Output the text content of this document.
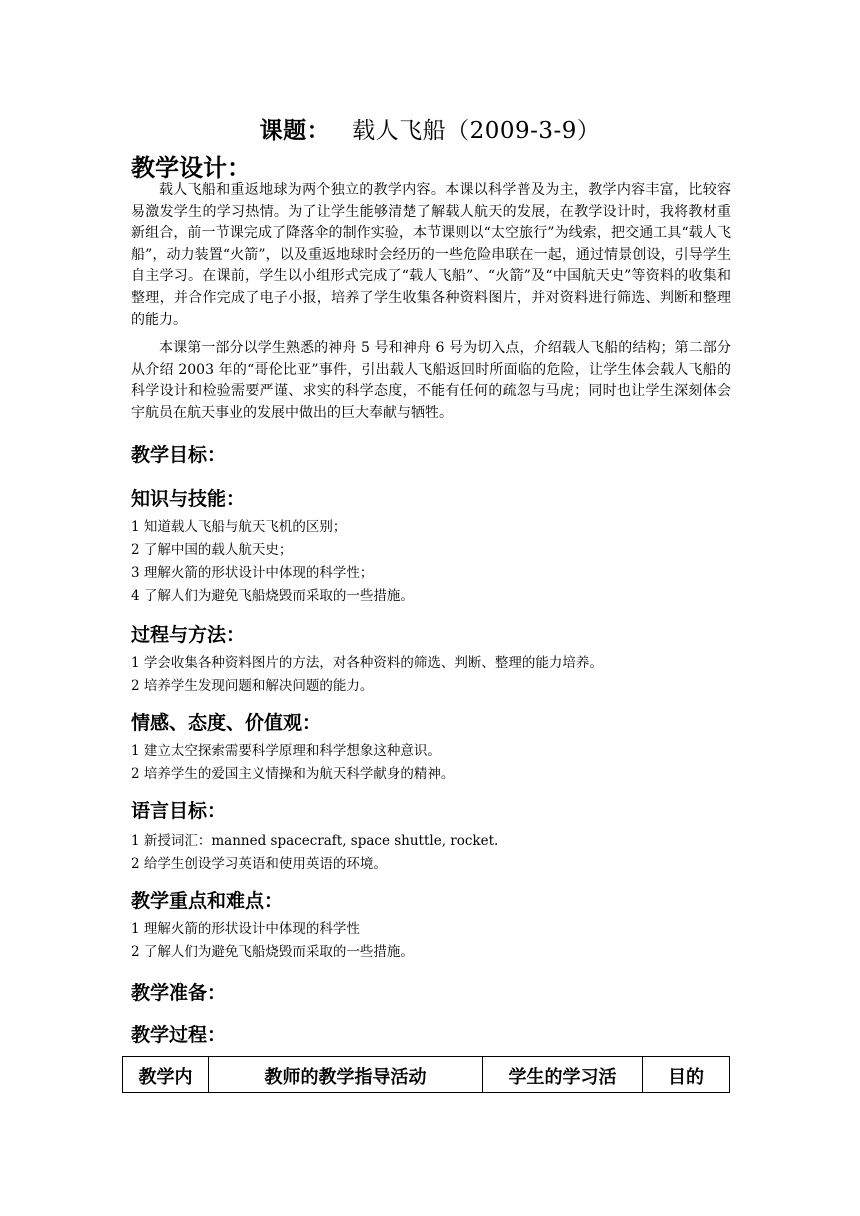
课题： 载人飞船（2009-3-9）
教学设计：
载人飞船和重返地球为两个独立的教学内容。本课以科学普及为主，教学内容丰富，比较容易激发学生的学习热情。为了让学生能够清楚了解载人航天的发展，在教学设计时，我将教材重新组合，前一节课完成了降落伞的制作实验，本节课则以“太空旅行”为线索，把交通工具“载人飞船”，动力装置“火箭”，以及重返地球时会经历的一些危险串联在一起，通过情景创设，引导学生自主学习。在课前，学生以小组形式完成了“载人飞船”、“火箭”及“中国航天史”等资料的收集和整理，并合作完成了电子小报，培养了学生收集各种资料图片，并对资料进行筛选、判断和整理的能力。
本课第一部分以学生熟悉的神舟 5 号和神舟 6 号为切入点，介绍载人飞船的结构；第二部分从介绍 2003 年的“哥伦比亚”事件，引出载人飞船返回时所面临的危险，让学生体会载人飞船的科学设计和检验需要严谨、求实的科学态度，不能有任何的疏忽与马虎；同时也让学生深刻体会宇航员在航天事业的发展中做出的巨大奉献与牺牲。
教学目标：
知识与技能：
1 知道载人飞船与航天飞机的区别；
2 了解中国的载人航天史；
3 理解火箭的形状设计中体现的科学性；
4 了解人们为避免飞船烧毁而采取的一些措施。
过程与方法：
1 学会收集各种资料图片的方法，对各种资料的筛选、判断、整理的能力培养。
2 培养学生发现问题和解决问题的能力。
情感、态度、价值观：
1 建立太空探索需要科学原理和科学想象这种意识。
2 培养学生的爱国主义情操和为航天科学献身的精神。
语言目标：
1 新授词汇：manned spacecraft, space shuttle, rocket.
2 给学生创设学习英语和使用英语的环境。
教学重点和难点：
1 理解火箭的形状设计中体现的科学性
2 了解人们为避免飞船烧毁而采取的一些措施。
教学准备：
教学过程：
教学内	教师的教学指导活动	学生的学习活	目的
